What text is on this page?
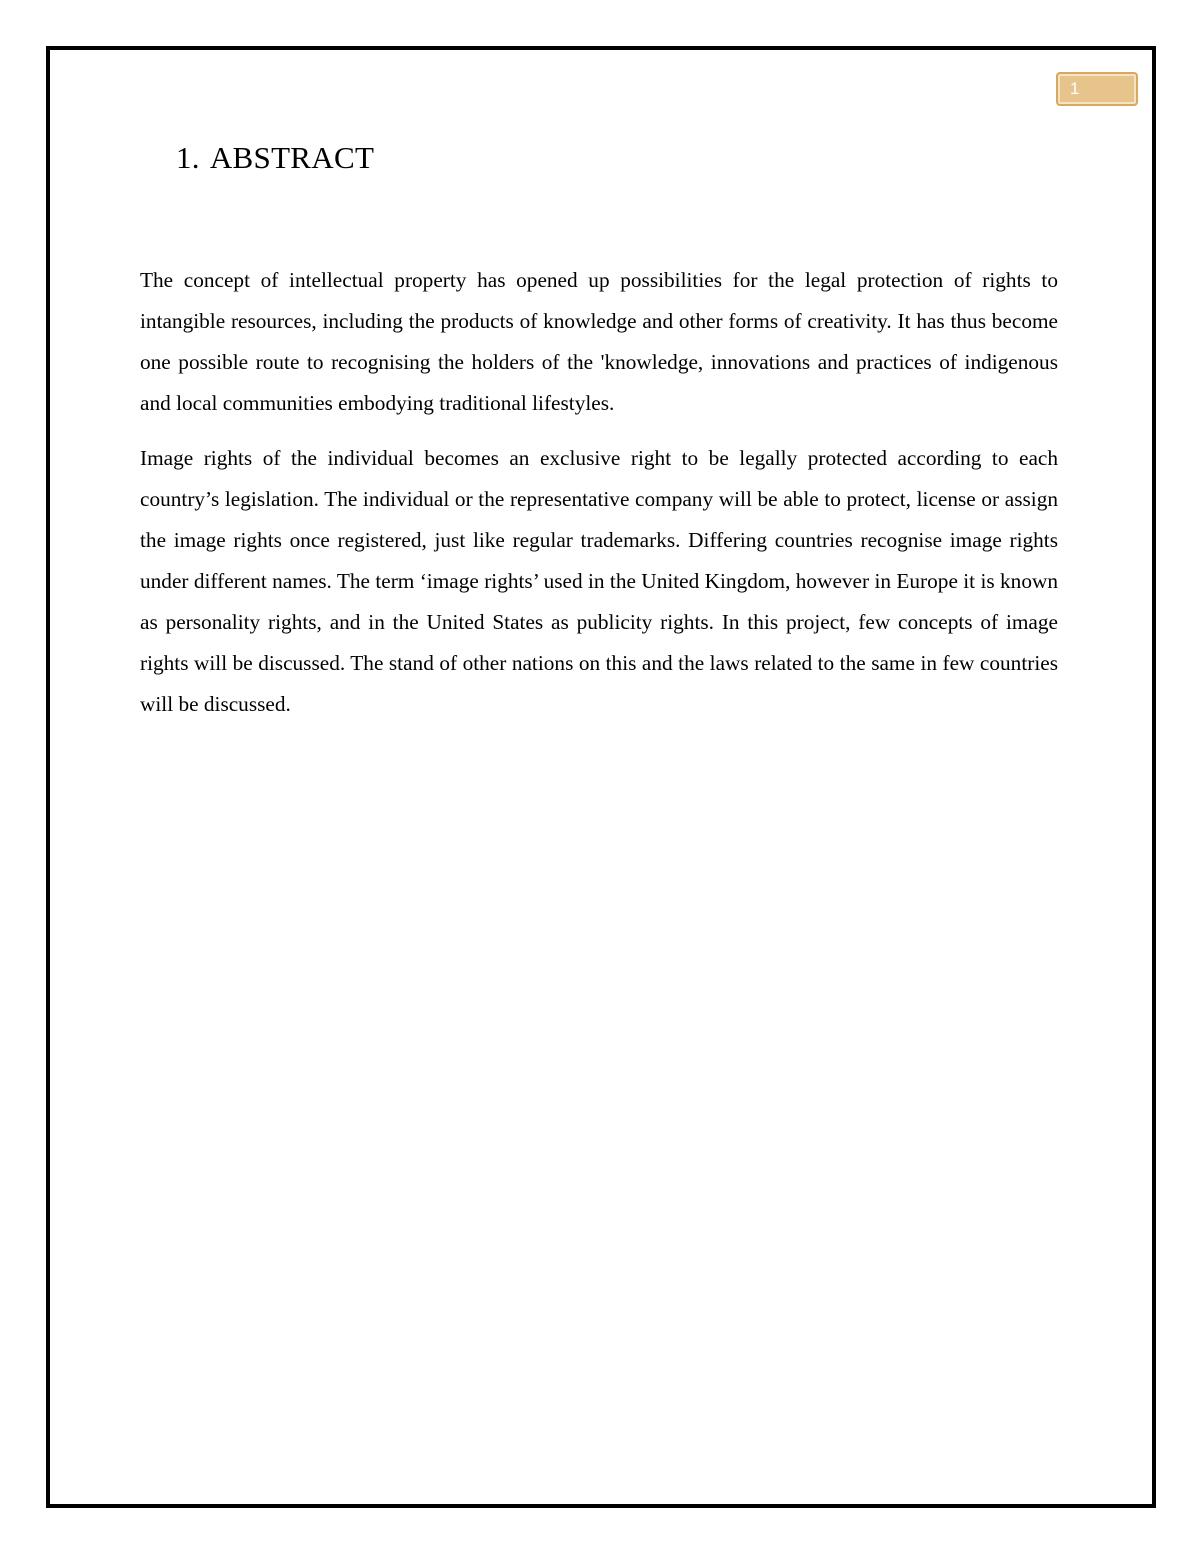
1
1. ABSTRACT

The concept of intellectual property has opened up possibilities for the legal protection of rights to intangible resources, including the products of knowledge and other forms of creativity. It has thus become one possible route to recognising the holders of the 'knowledge, innovations and practices of indigenous and local communities embodying traditional lifestyles.

Image rights of the individual becomes an exclusive right to be legally protected according to each country’s legislation. The individual or the representative company will be able to protect, license or assign the image rights once registered, just like regular trademarks. Differing countries recognise image rights under different names. The term ‘image rights’ used in the United Kingdom, however in Europe it is known as personality rights, and in the United States as publicity rights. In this project, few concepts of image rights will be discussed. The stand of other nations on this and the laws related to the same in few countries will be discussed.
